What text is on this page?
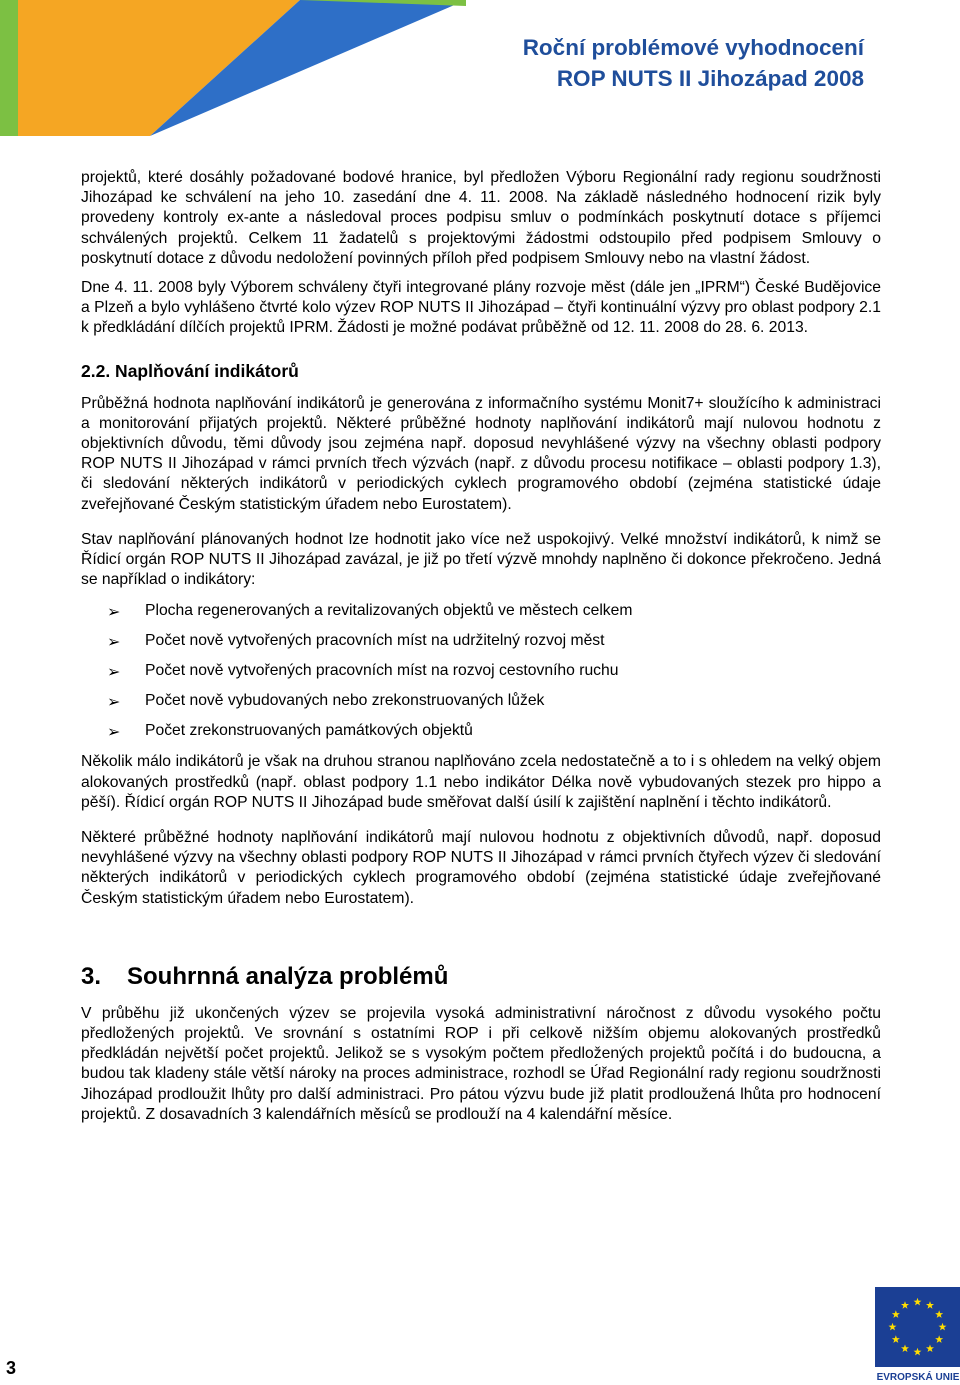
Roční problémové vyhodnocení
ROP NUTS II Jihozápad 2008

projektů, které dosáhly požadované bodové hranice, byl předložen Výboru Regionální rady regionu soudržnosti Jihozápad ke schválení na jeho 10. zasedání dne 4. 11. 2008. Na základě následného hodnocení rizik byly provedeny kontroly ex-ante a následoval proces podpisu smluv o podmínkách poskytnutí dotace s příjemci schválených projektů. Celkem 11 žadatelů s projektovými žádostmi odstoupilo před podpisem Smlouvy o poskytnutí dotace z důvodu nedoložení povinných příloh před podpisem Smlouvy nebo na vlastní žádost.

Dne 4. 11. 2008 byly Výborem schváleny čtyři integrované plány rozvoje měst (dále jen „IPRM“) České Budějovice a Plzeň a bylo vyhlášeno čtvrté kolo výzev ROP NUTS II Jihozápad – čtyři kontinuální výzvy pro oblast podpory 2.1 k předkládání dílčích projektů IPRM. Žádosti je možné podávat průběžně od 12. 11. 2008 do 28. 6. 2013.

2.2. Naplňování indikátorů

Průběžná hodnota naplňování indikátorů je generována z informačního systému Monit7+ sloužícího k administraci a monitorování přijatých projektů. Některé průběžné hodnoty naplňování indikátorů mají nulovou hodnotu z objektivních důvodu, těmi důvody jsou zejména např. doposud nevyhlášené výzvy na všechny oblasti podpory ROP NUTS II Jihozápad v rámci prvních třech výzvách (např. z důvodu procesu notifikace – oblasti podpory 1.3), či sledování některých indikátorů v periodických cyklech programového období (zejména statistické údaje zveřejňované Českým statistickým úřadem nebo Eurostatem).

Stav naplňování plánovaných hodnot lze hodnotit jako více než uspokojivý. Velké množství indikátorů, k nimž se Řídicí orgán ROP NUTS II Jihozápad zavázal, je již po třetí výzvě mnohdy naplněno či dokonce překročeno. Jedná se například o indikátory:

➢ Plocha regenerovaných a revitalizovaných objektů ve městech celkem
➢ Počet nově vytvořených pracovních míst na udržitelný rozvoj měst
➢ Počet nově vytvořených pracovních míst na rozvoj cestovního ruchu
➢ Počet nově vybudovaných nebo zrekonstruovaných lůžek
➢ Počet zrekonstruovaných památkových objektů

Několik málo indikátorů je však na druhou stranou naplňováno zcela nedostatečně a to i s ohledem na velký objem alokovaných prostředků (např. oblast podpory 1.1 nebo indikátor Délka nově vybudovaných stezek pro hippo a pěší). Řídicí orgán ROP NUTS II Jihozápad bude směřovat další úsilí k zajištění naplnění i těchto indikátorů.

Některé průběžné hodnoty naplňování indikátorů mají nulovou hodnotu z objektivních důvodů, např. doposud nevyhlášené výzvy na všechny oblasti podpory ROP NUTS II Jihozápad v rámci prvních čtyřech výzev či sledování některých indikátorů v periodických cyklech programového období (zejména statistické údaje zveřejňované Českým statistickým úřadem nebo Eurostatem).

3. Souhrnná analýza problémů

V průběhu již ukončených výzev se projevila vysoká administrativní náročnost z důvodu vysokého počtu předložených projektů. Ve srovnání s ostatními ROP i při celkově nižším objemu alokovaných prostředků předkládán největší počet projektů. Jelikož se s vysokým počtem předložených projektů počítá i do budoucna, a budou tak kladeny stále větší nároky na proces administrace, rozhodl se Úřad Regionální rady regionu soudržnosti Jihozápad prodloužit lhůty pro další administraci. Pro pátou výzvu bude již platit prodloužená lhůta pro hodnocení projektů. Z dosavadních 3 kalendářních měsíců se prodlouží na 4 kalendářní měsíce.

3	EVROPSKÁ UNIE
